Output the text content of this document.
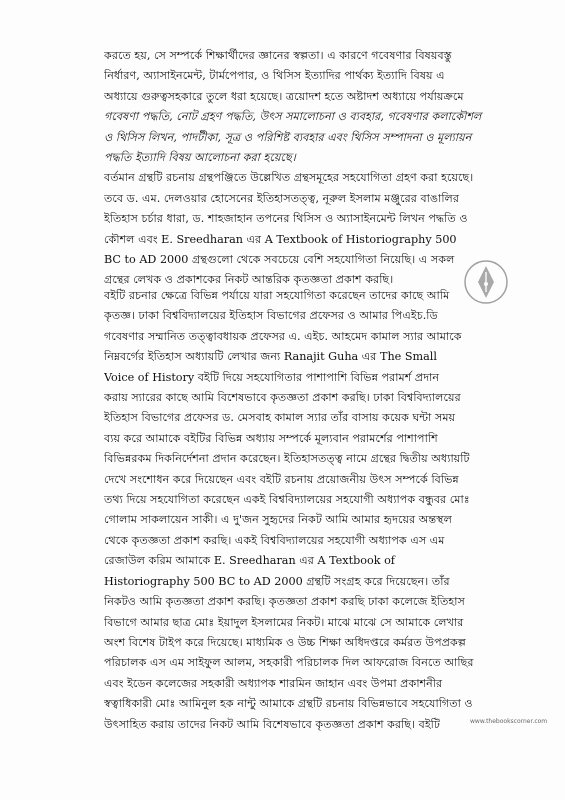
করতে হয়, সে সম্পর্কে শিক্ষার্থীদের জ্ঞানের স্বল্পতা। এ কারণে গবেষণার বিষয়বস্তু
নির্ধারণ, অ্যাসাইনমেন্ট, টার্মপেপার, ও থিসিস ইত্যাদির পার্থক্য ইত্যাদি বিষয় এ
অধ্যায়ে গুরুত্বসহকারে তুলে ধরা হয়েছে। ত্রয়োদশ হতে অষ্টাদশ অধ্যায়ে পর্যায়ক্রমে
গবেষণা পদ্ধতি, নোট গ্রহণ পদ্ধতি, উৎস সমালোচনা ও ব্যবহার, গবেষণার কলাকৌশল
ও থিসিস লিখন, পাদটীকা, সূত্র ও পরিশিষ্ট ব্যবহার এবং থিসিস সম্পাদনা ও মূল্যায়ন
পদ্ধতি ইত্যাদি বিষয় আলোচনা করা হয়েছে।
বর্তমান গ্রন্থটি রচনায় গ্রন্থপঞ্জিতে উল্লেখিত গ্রন্থসমূহের সহযোগিতা গ্রহণ করা হয়েছে।
তবে ড. এম. দেলওয়ার হোসেনের ইতিহাসতত্ত্ব, নূরুল ইসলাম মঞ্জুরের বাঙালির
ইতিহাস চর্চার ধারা, ড. শাহজাহান তপনের থিসিস ও অ্যাসাইনমেন্ট লিখন পদ্ধতি ও
কৌশল এবং E. Sreedharan এর A Textbook of Historiography 500
BC to AD 2000 গ্রন্থগুলো থেকে সবচেয়ে বেশি সহযোগিতা নিয়েছি। এ সকল
গ্রন্থের লেখক ও প্রকাশকের নিকট আন্তরিক কৃতজ্ঞতা প্রকাশ করছি।
বইটি রচনার ক্ষেত্রে বিভিন্ন পর্যায়ে যারা সহযোগিতা করেছেন তাদের কাছে আমি
কৃতজ্ঞ। ঢাকা বিশ্ববিদ্যালয়ের ইতিহাস বিভাগের প্রফেসর ও আমার পিএইচ.ডি
গবেষণার সম্মানিত তত্ত্বাবধায়ক প্রফেসর এ. এইচ. আহমেদ কামাল স্যার আমাকে
নিম্নবর্গের ইতিহাস অধ্যায়টি লেখার জন্য Ranajit Guha এর The Small
Voice of History বইটি দিয়ে সহযোগিতার পাশাপাশি বিভিন্ন পরামর্শ প্রদান
করায় স্যারের কাছে আমি বিশেষভাবে কৃতজ্ঞতা প্রকাশ করছি। ঢাকা বিশ্ববিদ্যালয়ের
ইতিহাস বিভাগের প্রফেসর ড. মেসবাহ কামাল স্যার তাঁর বাসায় কয়েক ঘন্টা সময়
ব্যয় করে আমাকে বইটির বিভিন্ন অধ্যায় সম্পর্কে মূল্যবান পরামর্শের পাশাপাশি
বিভিন্নরকম দিকনির্দেশনা প্রদান করেছেন। ইতিহাসতত্ত্ব নামে গ্রন্থের দ্বিতীয় অধ্যায়টি
দেখে সংশোধন করে দিয়েছেন এবং বইটি রচনায় প্রয়োজনীয় উৎস সম্পর্কে বিভিন্ন
তথ্য দিয়ে সহযোগিতা করেছেন একই বিশ্ববিদ্যালয়ের সহযোগী অধ্যাপক বন্ধুবর মোঃ
গোলাম সাকলায়েন সাকী। এ দু'জন সুহৃদের নিকট আমি আমার হৃদয়ের অন্তস্থল
থেকে কৃতজ্ঞতা প্রকাশ করছি। একই বিশ্ববিদ্যালয়ের সহযোগী অধ্যাপক এস এম
রেজাউল করিম আমাকে E. Sreedharan এর A Textbook of
Historiography 500 BC to AD 2000 গ্রন্থটি সংগ্রহ করে দিয়েছেন। তাঁর
নিকটও আমি কৃতজ্ঞতা প্রকাশ করছি। কৃতজ্ঞতা প্রকাশ করছি ঢাকা কলেজে ইতিহাস
বিভাগে আমার ছাত্র মোঃ ইয়াদুল ইসলামের নিকট। মাঝে মাঝে সে আমাকে লেখার
অংশ বিশেষ টাইপ করে দিয়েছে। মাধ্যমিক ও উচ্চ শিক্ষা অধিদপ্তরে কর্মরত উপপ্রকল্প
পরিচালক এস এম সাইফুল আলম, সহকারী পরিচালক দিল আফরোজ বিনতে আছির
এবং ইডেন কলেজের সহকারী অধ্যাপক শারমিন জাহান এবং উপমা প্রকাশনীর
স্বত্বাধিকারী মোঃ আমিনুল হক নান্টু আমাকে গ্রন্থটি রচনায় বিভিন্নভাবে সহযোগিতা ও
উৎসাহিত করায় তাদের নিকট আমি বিশেষভাবে কৃতজ্ঞতা প্রকাশ করছি। বইটি	www.thebookscorner.com
